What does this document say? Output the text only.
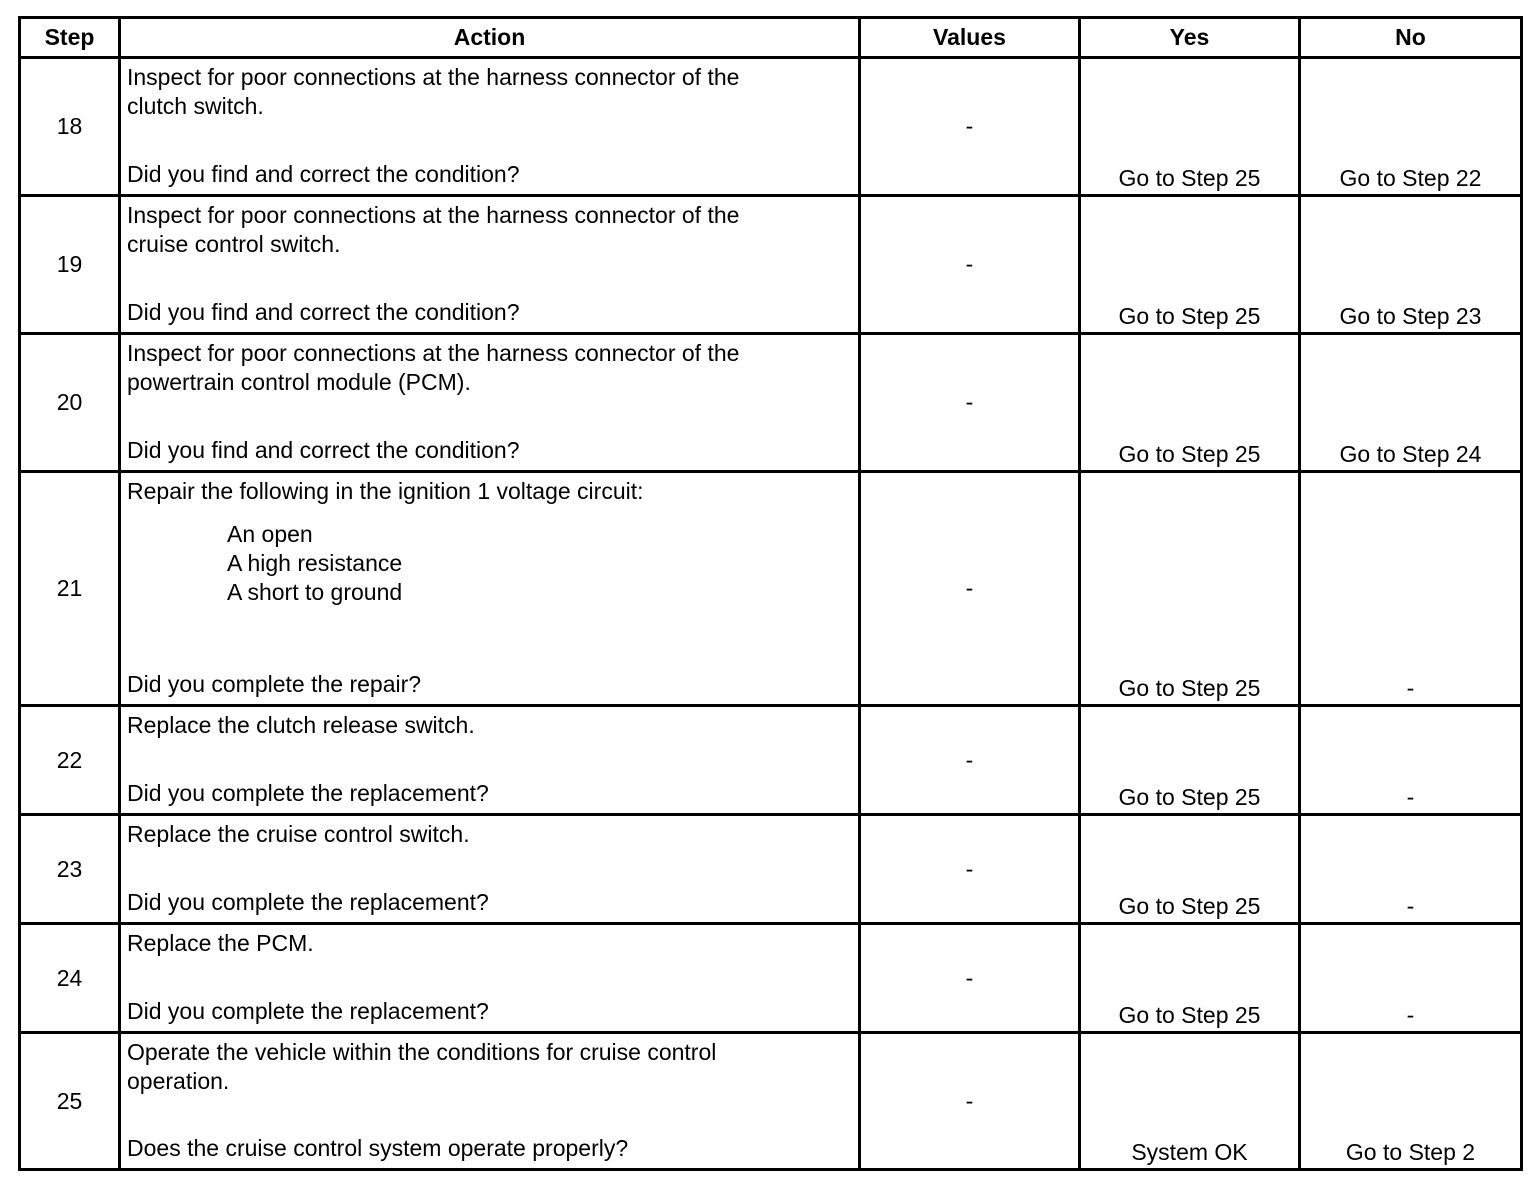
Step	Action	Values	Yes	No
18	Inspect for poor connections at the harness connector of the
clutch switch.
Did you find and correct the condition?	-	Go to Step 25	Go to Step 22
19	Inspect for poor connections at the harness connector of the
cruise control switch.
Did you find and correct the condition?	-	Go to Step 25	Go to Step 23
20	Inspect for poor connections at the harness connector of the
powertrain control module (PCM).
Did you find and correct the condition?	-	Go to Step 25	Go to Step 24
21	Repair the following in the ignition 1 voltage circuit:
An open
A high resistance
A short to ground
Did you complete the repair?	-	Go to Step 25	-
22	Replace the clutch release switch.
Did you complete the replacement?	-	Go to Step 25	-
23	Replace the cruise control switch.
Did you complete the replacement?	-	Go to Step 25	-
24	Replace the PCM.
Did you complete the replacement?	-	Go to Step 25	-
25	Operate the vehicle within the conditions for cruise control
operation.
Does the cruise control system operate properly?	-	System OK	Go to Step 2
